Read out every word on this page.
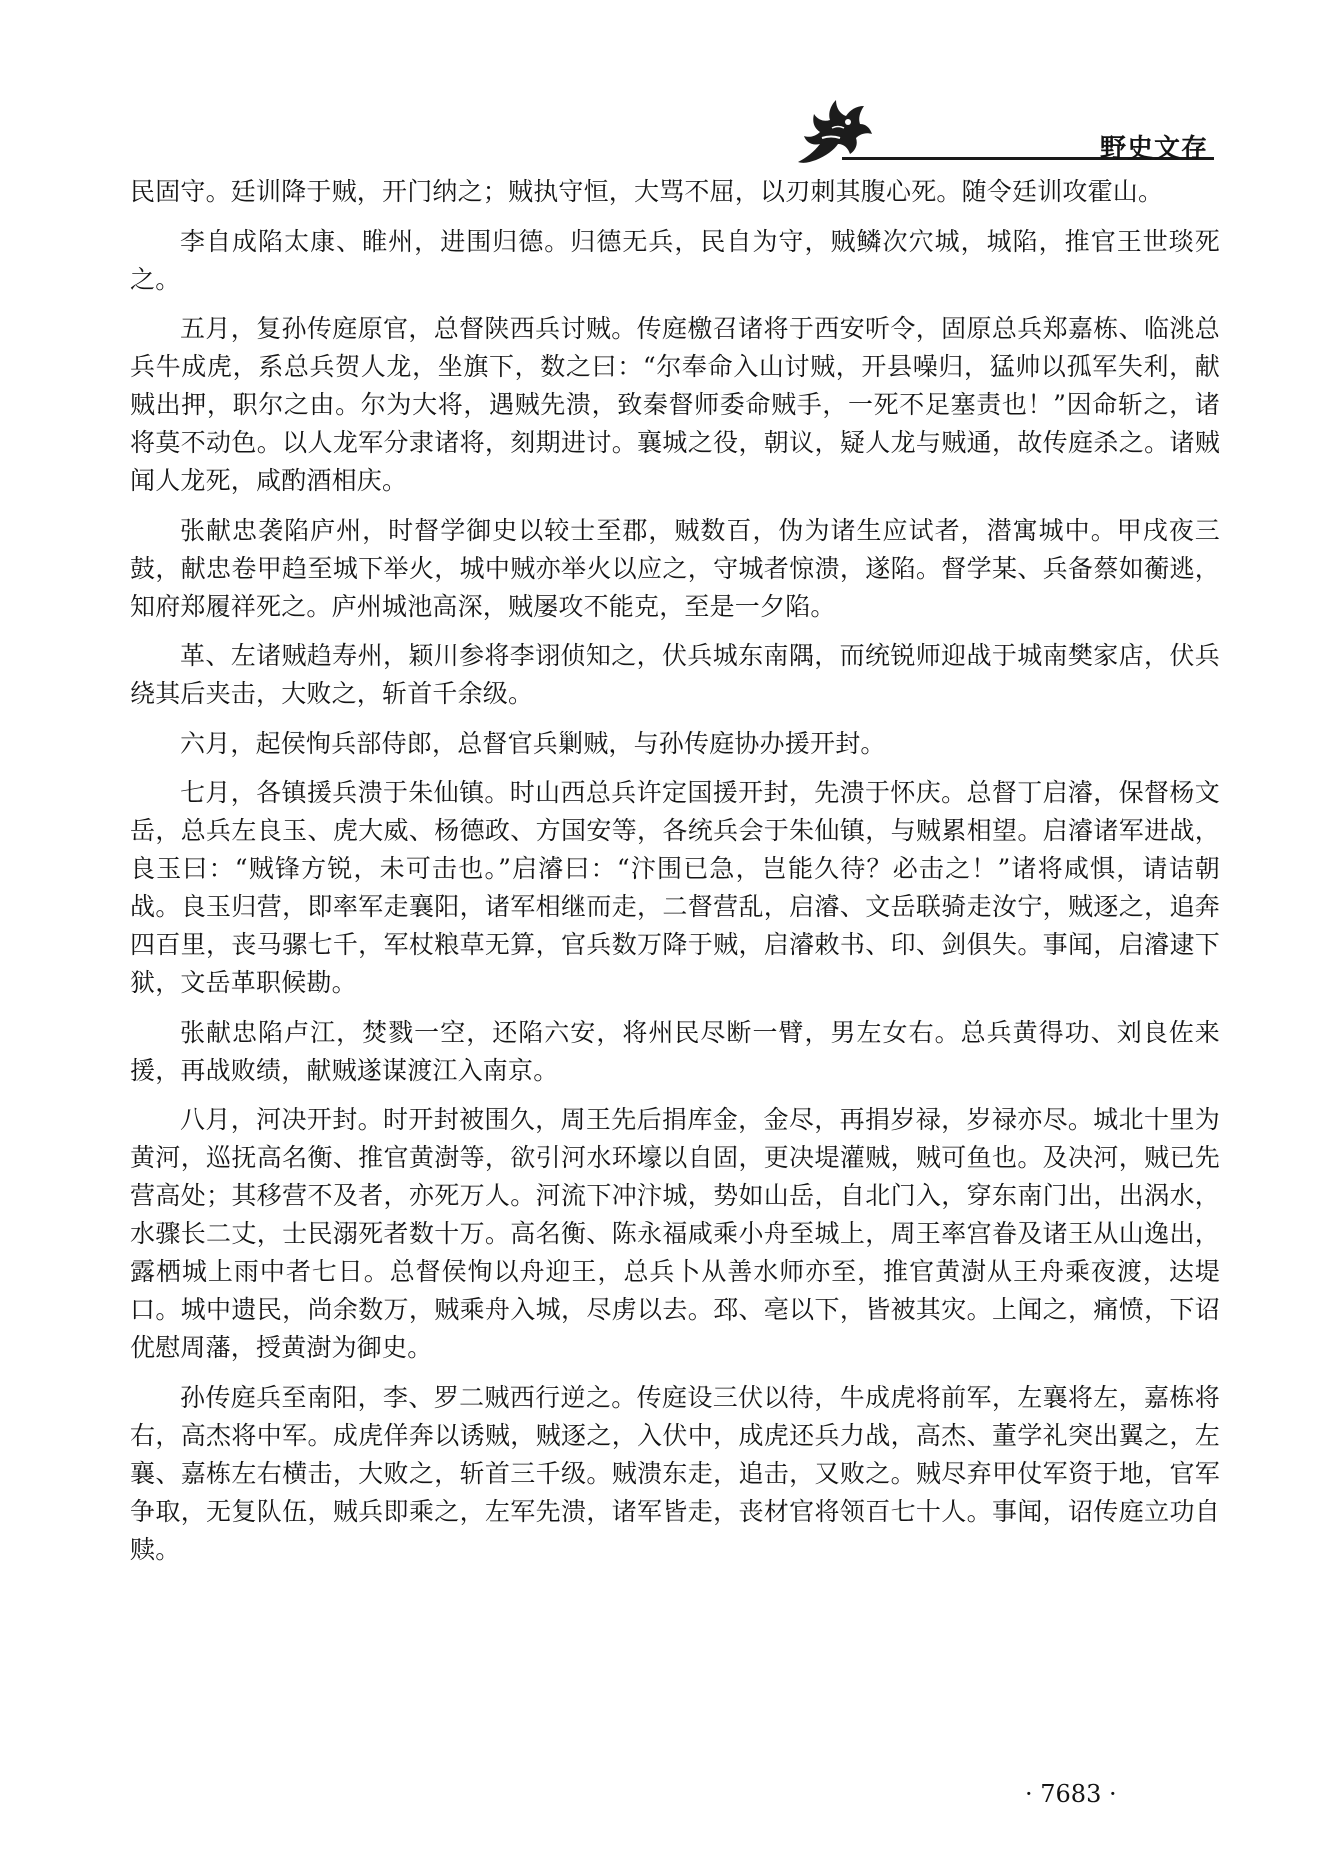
野史文存

民固守。廷训降于贼，开门纳之；贼执守恒，大骂不屈，以刃刺其腹心死。随令廷训攻霍山。

李自成陷太康、睢州，进围归德。归德无兵，民自为守，贼鳞次穴城，城陷，推官王世琰死之。

五月，复孙传庭原官，总督陕西兵讨贼。传庭檄召诸将于西安听令，固原总兵郑嘉栋、临洮总兵牛成虎，系总兵贺人龙，坐旗下，数之曰：“尔奉命入山讨贼，开县噪归，猛帅以孤军失利，献贼出押，职尔之由。尔为大将，遇贼先溃，致秦督师委命贼手，一死不足塞责也！”因命斩之，诸将莫不动色。以人龙军分隶诸将，刻期进讨。襄城之役，朝议，疑人龙与贼通，故传庭杀之。诸贼闻人龙死，咸酌酒相庆。

张献忠袭陷庐州，时督学御史以较士至郡，贼数百，伪为诸生应试者，潜寓城中。甲戌夜三鼓，献忠卷甲趋至城下举火，城中贼亦举火以应之，守城者惊溃，遂陷。督学某、兵备蔡如蘅逃，知府郑履祥死之。庐州城池高深，贼屡攻不能克，至是一夕陷。

革、左诸贼趋寿州，颖川参将李诩侦知之，伏兵城东南隅，而统锐师迎战于城南樊家店，伏兵绕其后夹击，大败之，斩首千余级。

六月，起侯恂兵部侍郎，总督官兵剿贼，与孙传庭协办援开封。

七月，各镇援兵溃于朱仙镇。时山西总兵许定国援开封，先溃于怀庆。总督丁启濬，保督杨文岳，总兵左良玉、虎大威、杨德政、方国安等，各统兵会于朱仙镇，与贼累相望。启濬诸军进战，良玉曰：“贼锋方锐，未可击也。”启濬曰：“汴围已急，岂能久待？必击之！”诸将咸惧，请诘朝战。良玉归营，即率军走襄阳，诸军相继而走，二督营乱，启濬、文岳联骑走汝宁，贼逐之，追奔四百里，丧马骡七千，军杖粮草无算，官兵数万降于贼，启濬敕书、印、剑俱失。事闻，启濬逮下狱，文岳革职候勘。

张献忠陷卢江，焚戮一空，还陷六安，将州民尽断一臂，男左女右。总兵黄得功、刘良佐来援，再战败绩，献贼遂谋渡江入南京。

八月，河决开封。时开封被围久，周王先后捐库金，金尽，再捐岁禄，岁禄亦尽。城北十里为黄河，巡抚高名衡、推官黄澍等，欲引河水环壕以自固，更决堤灌贼，贼可鱼也。及决河，贼已先营高处；其移营不及者，亦死万人。河流下冲汴城，势如山岳，自北门入，穿东南门出，出涡水，水骤长二丈，士民溺死者数十万。高名衡、陈永福咸乘小舟至城上，周王率宫眷及诸王从山逸出，露栖城上雨中者七日。总督侯恂以舟迎王，总兵卜从善水师亦至，推官黄澍从王舟乘夜渡，达堤口。城中遗民，尚余数万，贼乘舟入城，尽虏以去。邳、亳以下，皆被其灾。上闻之，痛愤，下诏优慰周藩，授黄澍为御史。

孙传庭兵至南阳，李、罗二贼西行逆之。传庭设三伏以待，牛成虎将前军，左襄将左，嘉栋将右，高杰将中军。成虎佯奔以诱贼，贼逐之，入伏中，成虎还兵力战，高杰、董学礼突出翼之，左襄、嘉栋左右横击，大败之，斩首三千级。贼溃东走，追击，又败之。贼尽弃甲仗军资于地，官军争取，无复队伍，贼兵即乘之，左军先溃，诸军皆走，丧材官将领百七十人。事闻，诏传庭立功自赎。

· 7683 ·
